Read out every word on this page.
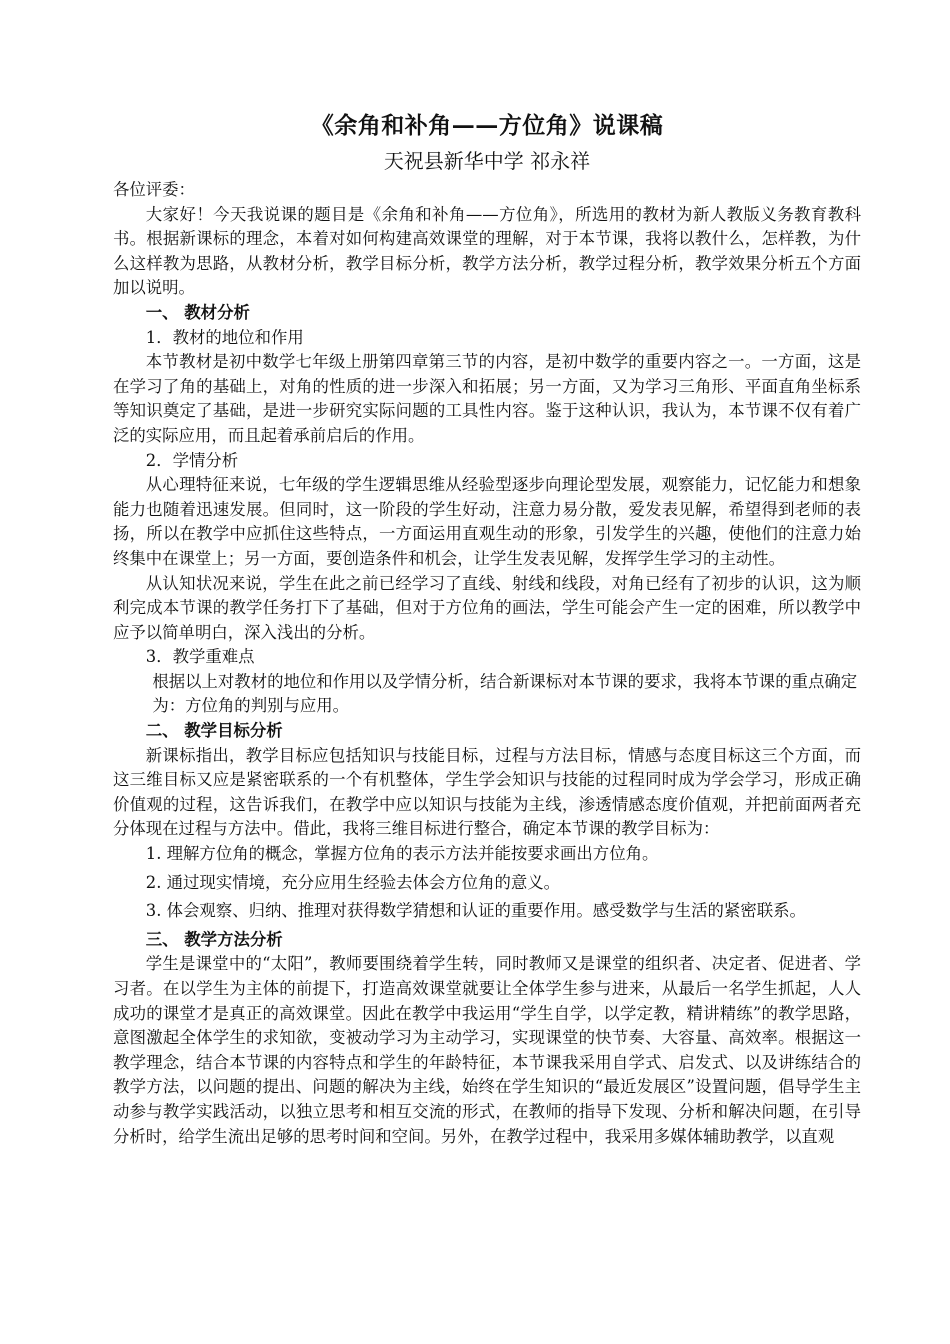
《余角和补角——方位角》说课稿

天祝县新华中学 祁永祥

各位评委：

大家好！今天我说课的题目是《余角和补角——方位角》，所选用的教材为新人教版义务教育教科书。根据新课标的理念，本着对如何构建高效课堂的理解，对于本节课，我将以教什么，怎样教，为什么这样教为思路，从教材分析，教学目标分析，教学方法分析，教学过程分析，教学效果分析五个方面加以说明。

一、 教材分析

1．教材的地位和作用

本节教材是初中数学七年级上册第四章第三节的内容，是初中数学的重要内容之一。一方面，这是在学习了角的基础上，对角的性质的进一步深入和拓展；另一方面，又为学习三角形、平面直角坐标系等知识奠定了基础，是进一步研究实际问题的工具性内容。鉴于这种认识，我认为，本节课不仅有着广泛的实际应用，而且起着承前启后的作用。

2．学情分析

从心理特征来说，七年级的学生逻辑思维从经验型逐步向理论型发展，观察能力，记忆能力和想象能力也随着迅速发展。但同时，这一阶段的学生好动，注意力易分散，爱发表见解，希望得到老师的表扬，所以在教学中应抓住这些特点，一方面运用直观生动的形象，引发学生的兴趣，使他们的注意力始终集中在课堂上；另一方面，要创造条件和机会，让学生发表见解，发挥学生学习的主动性。

从认知状况来说，学生在此之前已经学习了直线、射线和线段，对角已经有了初步的认识，这为顺利完成本节课的教学任务打下了基础，但对于方位角的画法，学生可能会产生一定的困难，所以教学中应予以简单明白，深入浅出的分析。

3．教学重难点

根据以上对教材的地位和作用以及学情分析，结合新课标对本节课的要求，我将本节课的重点确定为：方位角的判别与应用。

二、 教学目标分析

新课标指出，教学目标应包括知识与技能目标，过程与方法目标，情感与态度目标这三个方面，而这三维目标又应是紧密联系的一个有机整体，学生学会知识与技能的过程同时成为学会学习，形成正确价值观的过程，这告诉我们，在教学中应以知识与技能为主线，渗透情感态度价值观，并把前面两者充分体现在过程与方法中。借此，我将三维目标进行整合，确定本节课的教学目标为：

1. 理解方位角的概念，掌握方位角的表示方法并能按要求画出方位角。

2. 通过现实情境，充分应用生经验去体会方位角的意义。

3. 体会观察、归纳、推理对获得数学猜想和认证的重要作用。感受数学与生活的紧密联系。

三、 教学方法分析

学生是课堂中的“太阳”，教师要围绕着学生转，同时教师又是课堂的组织者、决定者、促进者、学习者。在以学生为主体的前提下，打造高效课堂就要让全体学生参与进来，从最后一名学生抓起，人人成功的课堂才是真正的高效课堂。因此在教学中我运用“学生自学，以学定教，精讲精练”的教学思路，意图激起全体学生的求知欲，变被动学习为主动学习，实现课堂的快节奏、大容量、高效率。根据这一教学理念，结合本节课的内容特点和学生的年龄特征，本节课我采用自学式、启发式、以及讲练结合的教学方法，以问题的提出、问题的解决为主线，始终在学生知识的“最近发展区”设置问题，倡导学生主动参与教学实践活动，以独立思考和相互交流的形式，在教师的指导下发现、分析和解决问题，在引导分析时，给学生流出足够的思考时间和空间。另外，在教学过程中，我采用多媒体辅助教学，以直观
